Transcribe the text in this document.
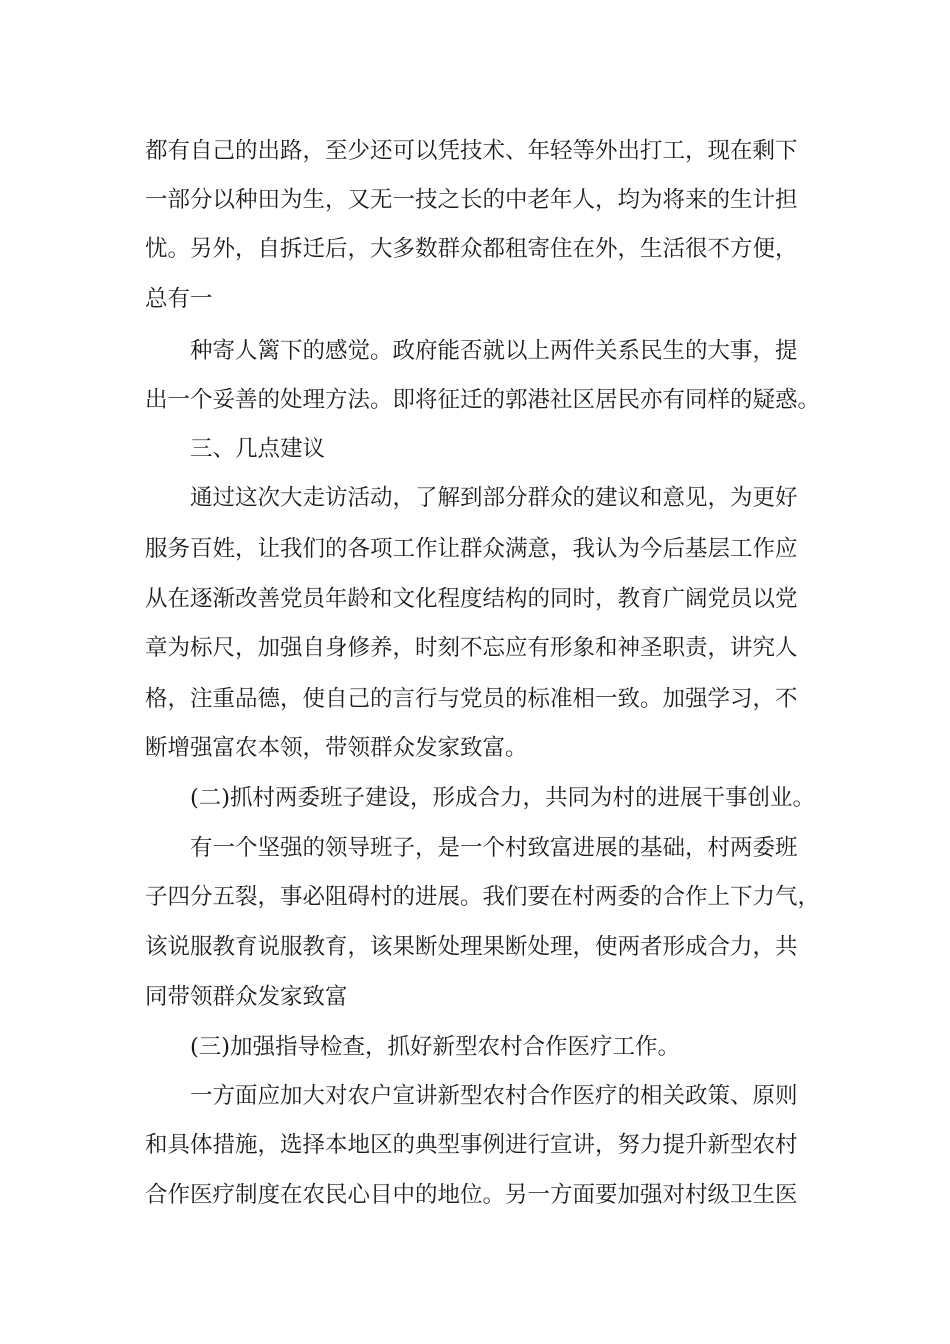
都有自己的出路，至少还可以凭技术、年轻等外出打工，现在剩下
一部分以种田为生，又无一技之长的中老年人，均为将来的生计担
忧。另外，自拆迁后，大多数群众都租寄住在外，生活很不方便，
总有一
种寄人篱下的感觉。政府能否就以上两件关系民生的大事，提
出一个妥善的处理方法。即将征迁的郭港社区居民亦有同样的疑惑。
三、几点建议
通过这次大走访活动，了解到部分群众的建议和意见，为更好
服务百姓，让我们的各项工作让群众满意，我认为今后基层工作应
从在逐渐改善党员年龄和文化程度结构的同时，教育广阔党员以党
章为标尺，加强自身修养，时刻不忘应有形象和神圣职责，讲究人
格，注重品德，使自己的言行与党员的标准相一致。加强学习，不
断增强富农本领，带领群众发家致富。
(二)抓村两委班子建设，形成合力，共同为村的进展干事创业。
有一个坚强的领导班子，是一个村致富进展的基础，村两委班
子四分五裂，事必阻碍村的进展。我们要在村两委的合作上下力气，
该说服教育说服教育，该果断处理果断处理，使两者形成合力，共
同带领群众发家致富
(三)加强指导检查，抓好新型农村合作医疗工作。
一方面应加大对农户宣讲新型农村合作医疗的相关政策、原则
和具体措施，选择本地区的典型事例进行宣讲，努力提升新型农村
合作医疗制度在农民心目中的地位。另一方面要加强对村级卫生医
